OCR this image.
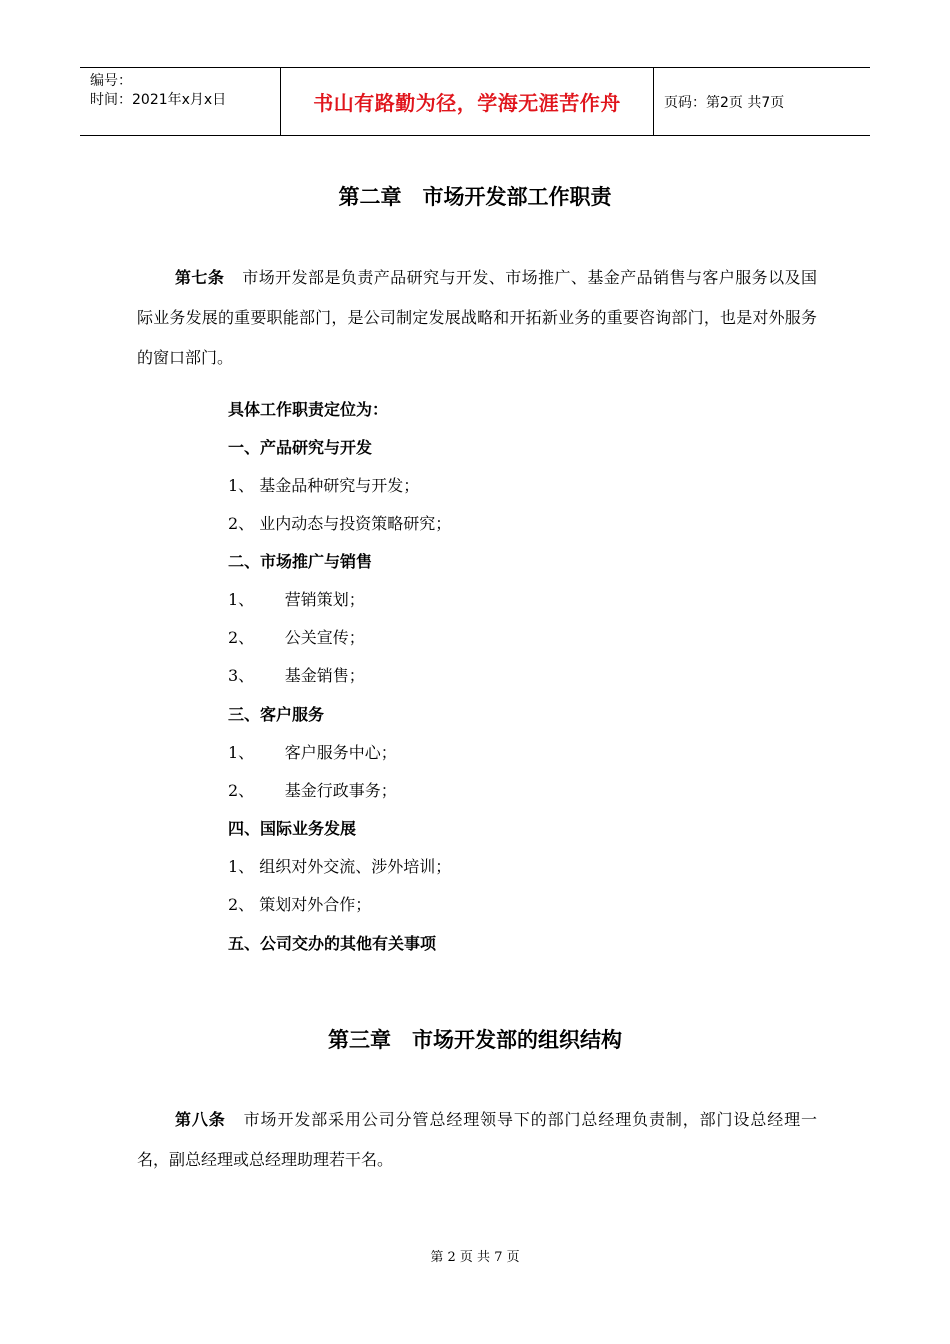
编号：
时间：2021年x月x日	书山有路勤为径，学海无涯苦作舟	页码：第2页 共7页
第二章　市场开发部工作职责
第七条 市场开发部是负责产品研究与开发、市场推广、基金产品销售与客户服务以及国际业务发展的重要职能部门，是公司制定发展战略和开拓新业务的重要咨询部门，也是对外服务的窗口部门。
具体工作职责定位为：
一、产品研究与开发
1、 基金品种研究与开发；
2、 业内动态与投资策略研究；
二、市场推广与销售
1、      营销策划；
2、      公关宣传；
3、      基金销售；
三、客户服务
1、      客户服务中心；
2、      基金行政事务；
四、国际业务发展
1、 组织对外交流、涉外培训；
2、 策划对外合作；
五、公司交办的其他有关事项
第三章　市场开发部的组织结构
第八条 市场开发部采用公司分管总经理领导下的部门总经理负责制，部门设总经理一名，副总经理或总经理助理若干名。
第 2 页 共 7 页
